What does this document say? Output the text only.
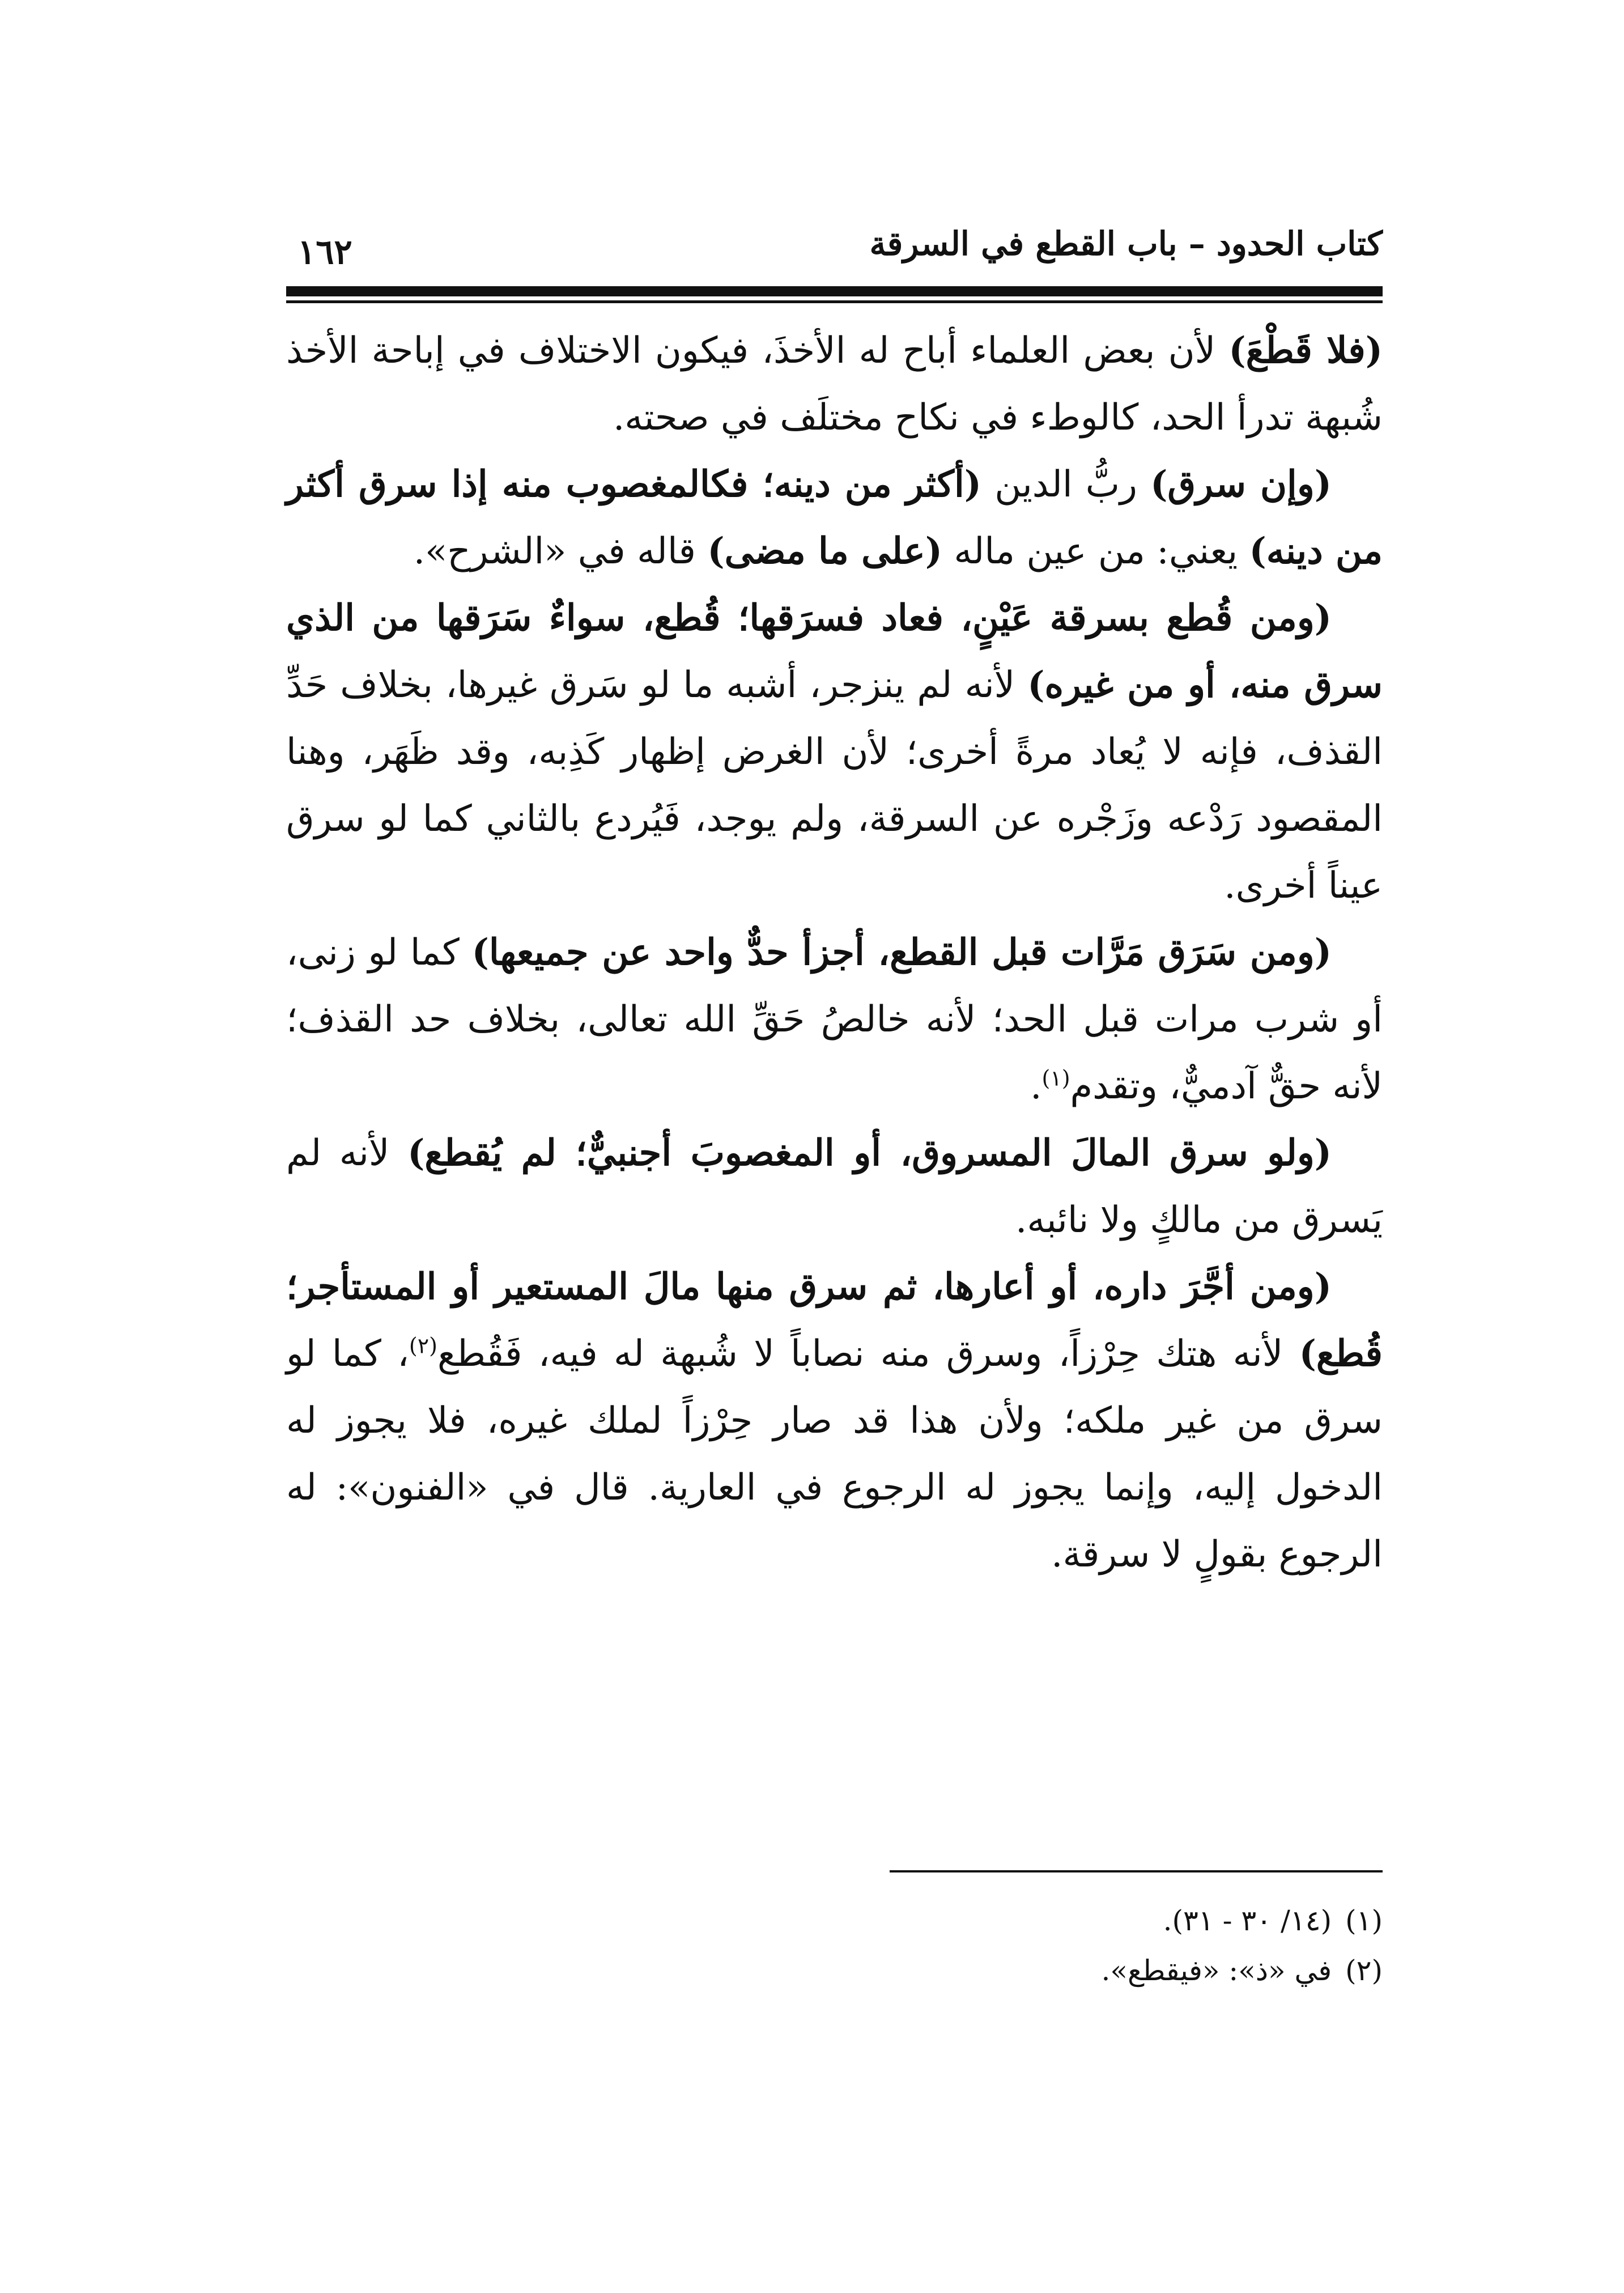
كتاب الحدود – باب القطع في السرقة
١٦٢

(فلا قَطْعَ) لأن بعض العلماء أباح له الأخذَ، فيكون الاختلاف في إباحة الأخذ شُبهة تدرأ الحد، كالوطء في نكاح مختلَف في صحته.

(وإن سرق) ربُّ الدين (أكثر من دينه؛ فكالمغصوب منه إذا سرق أكثر من دينه) يعني: من عين ماله (على ما مضى) قاله في «الشرح».

(ومن قُطع بسرقة عَيْنٍ، فعاد فسرَقها؛ قُطع، سواءٌ سَرَقها من الذي سرق منه، أو من غيره) لأنه لم ينزجر، أشبه ما لو سَرق غيرها، بخلاف حَدِّ القذف، فإنه لا يُعاد مرةً أخرى؛ لأن الغرض إظهار كَذِبه، وقد ظَهَر، وهنا المقصود رَدْعه وزَجْره عن السرقة، ولم يوجد، فَيُردع بالثاني كما لو سرق عيناً أخرى.

(ومن سَرَق مَرَّات قبل القطع، أجزأ حدٌّ واحد عن جميعها) كما لو زنى، أو شرب مرات قبل الحد؛ لأنه خالصُ حَقِّ الله تعالى، بخلاف حد القذف؛ لأنه حقٌّ آدميٌّ، وتقدم$^{(١)}$.

(ولو سرق المالَ المسروق، أو المغصوبَ أجنبيٌّ؛ لم يُقطع) لأنه لم يَسرق من مالكٍ ولا نائبه.

(ومن أجَّرَ داره، أو أعارها، ثم سرق منها مالَ المستعير أو المستأجر؛ قُطع) لأنه هتك حِرْزاً، وسرق منه نصاباً لا شُبهة له فيه، فَقُطع$^{(٢)}$، كما لو سرق من غير ملكه؛ ولأن هذا قد صار حِرْزاً لملك غيره، فلا يجوز له الدخول إليه، وإنما يجوز له الرجوع في العارية. قال في «الفنون»: له الرجوع بقولٍ لا سرقة.

(١)(١٤/ ٣٠ - ٣١).

(٢)في «ذ»: «فيقطع».
